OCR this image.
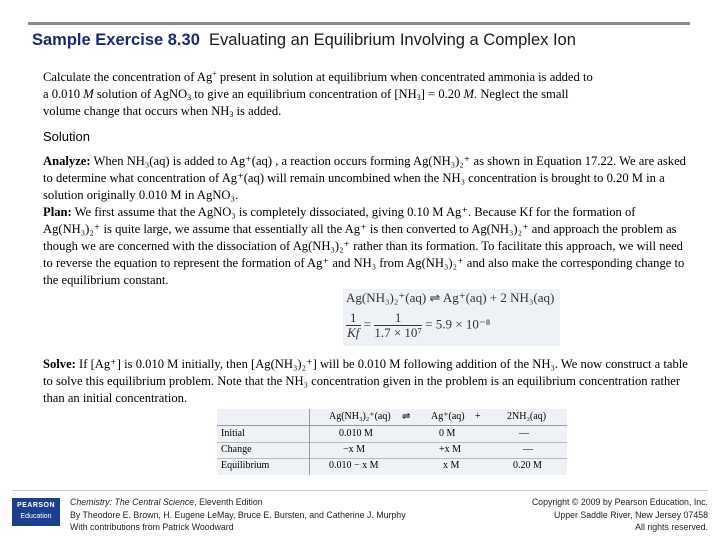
Sample Exercise 8.30 Evaluating an Equilibrium Involving a Complex Ion
Calculate the concentration of Ag+ present in solution at equilibrium when concentrated ammonia is added to
a 0.010 M solution of AgNO$_3$ to give an equilibrium concentration of $[NH_3] = 0.20$ M. Neglect the small
volume change that occurs when $NH_3$ is added.
Solution
Analyze: When NH₃(aq) is added to Ag⁺(aq) , a reaction occurs forming Ag(NH₃)₂⁺ as shown in Equation 17.22. We are asked to determine what concentration of Ag⁺(aq) will remain uncombined when the NH₃ concentration is brought to 0.20 M in a solution originally 0.010 M in AgNO₃.
Plan: We first assume that the AgNO₃ is completely dissociated, giving 0.10 M Ag⁺. Because Kf for the formation of Ag(NH₃)₂⁺ is quite large, we assume that essentially all the Ag⁺ is then converted to Ag(NH₃)₂⁺ and approach the problem as though we are concerned with the dissociation of Ag(NH₃)₂⁺ rather than its formation. To facilitate this approach, we will need to reverse the equation to represent the formation of Ag⁺ and NH₃ from Ag(NH₃)₂⁺ and also make the corresponding change to the equilibrium constant.
Ag(NH₃)₂⁺(aq) ⇌ Ag⁺(aq) + 2 NH₃(aq)
$\frac{1}{Kf} = \frac{1}{\text{1.7 × 10⁷}} = 5.9 \times 10^{-8}$
Solve: If [Ag⁺] is 0.010 M initially, then [Ag(NH₃)₂⁺] will be 0.010 M following addition of the NH₃. We now construct a table to solve this equilibrium problem. Note that the NH₃ concentration given in the problem is an equilibrium concentration rather than an initial concentration.
Ag(NH₃)₂⁺(aq) ⇌ Ag⁺(aq) +	2NH₃(aq)
Initial	0.010 M	0 M	—
Change	−x M	+x M	—
Equilibrium	0.010 − x M	x M	0.20 M
PEARSON
Education
Chemistry: The Central Science, Eleventh Edition
By Theodore E. Brown, H. Eugene LeMay, Bruce E. Bursten, and Catherine J. Murphy
With contributions from Patrick Woodward
Copyright © 2009 by Pearson Education, Inc.
Upper Saddle River, New Jersey 07458
All rights reserved.
